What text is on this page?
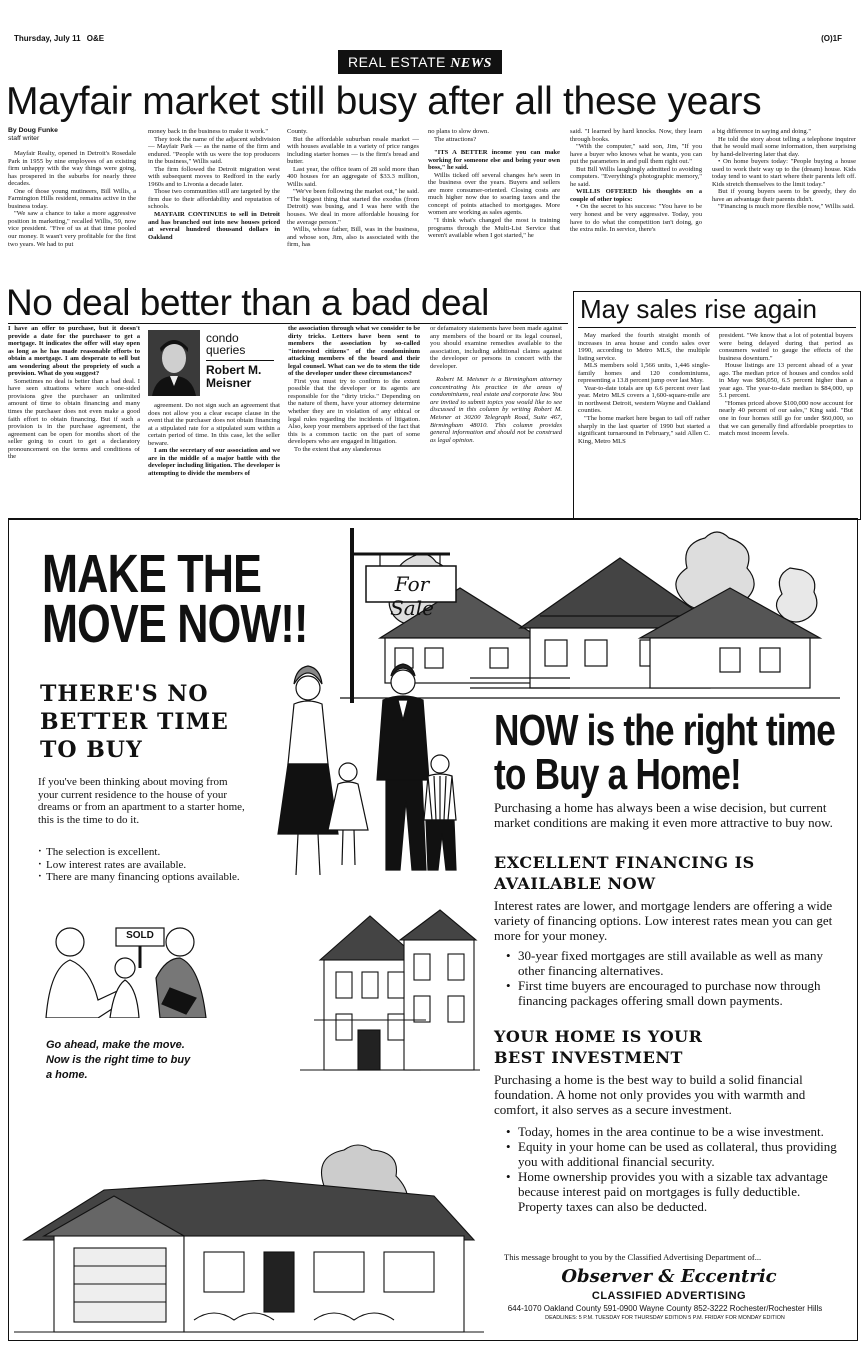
Thursday, July 11 O&E	(O)1F
REAL ESTATE NEWS
Mayfair market still busy after all these years
By Doug Funke
staff writer

Mayfair Realty, opened in Detroit's Rosedale Park in 1955 by nine employees of an existing firm unhappy with the way things were going, has prospered in the suburbs for nearly three decades.

One of those young mutineers, Bill Willis, a Farmington Hills resident, remains active in the business today.

"We saw a chance to take a more aggressive position in marketing," recalled Willis, 59, now vice president. "Five of us at that time pooled our money. It wasn't very profitable for the first two years. We had to put

money back in the business to make it work."

They took the name of the adjacent subdivision — Mayfair Park — as the name of the firm and endured. "People with us were the top producers in the business," Willis said.

The firm followed the Detroit migration west with subsequent moves to Redford in the early 1960s and to Livonia a decade later.

Those two communities still are targeted by the firm due to their affordability and reputation of schools.

MAYFAIR CONTINUES to sell in Detroit and has branched out into new houses priced at several hundred thousand dollars in Oakland

County.

But the affordable suburban resale market — with houses available in a variety of price ranges including starter homes — is the firm's bread and butter.

Last year, the office team of 28 sold more than 400 houses for an aggregate of $33.3 million, Willis said.

"We've been following the market out," he said. "The biggest thing that started the exodus (from Detroit) was busing, and I was here with the houses. We deal in more affordable housing for the average person."

Willis, whose father, Bill, was in the business, and whose son, Jim, also is associated with the firm, has

no plans to slow down.

The attractions?

"ITS A BETTER income you can make working for someone else and being your own boss," he said.

Willis ticked off several changes he's seen in the business over the years. Buyers and sellers are more consumer-oriented. Closing costs are much higher now due to soaring taxes and the concept of points attached to mortgages. More women are working as sales agents.

"I think what's changed the most is training programs through the Multi-List Service that weren't available when I got started," he

said. "I learned by hard knocks. Now, they learn through books.

"With the computer," said son, Jim, "If you have a buyer who knows what he wants, you can put the parameters in and pull them right out."

But Bill Willis laughingly admitted to avoiding computers. "Everything's photographic memory," he said.

WILLIS OFFERED his thoughts on a couple of other topics:

• On the secret to his success: "You have to be very honest and be very aggressive. Today, you have to do what the competition isn't doing, go the extra mile. In service, there's

a big difference in saying and doing."

He told the story about telling a telephone inquirer that he would mail some information, then surprising by hand-delivering later that day.

• On home buyers today: "People buying a house used to work their way up to the (dream) house. Kids today tend to want to start where their parents left off. Kids stretch themselves to the limit today."

But if young buyers seem to be greedy, they do have an advantage their parents didn't.

"Financing is much more flexible now," Willis said.

No deal better than a bad deal

I have an offer to purchase, but it doesn't provide a date for the purchaser to get a mortgage. It indicates the offer will stay open as long as he has made reasonable efforts to obtain a mortgage. I am desperate to sell but am wondering about the propriety of such a provision. What do you suggest?

Sometimes no deal is better than a bad deal. I have seen situations where such one-sided provisions give the purchaser an unlimited amount of time to obtain financing and many times the purchaser does not even make a good faith effort to obtain financing. But if such a provision is in the purchase agreement, the agreement can be open for months short of the seller going to court to get a declaratory pronouncement on the terms and conditions of the

condo
queries
Robert M.
Meisner

agreement. Do not sign such an agreement that does not allow you a clear escape clause in the event that the purchaser does not obtain financing at a stipulated rate for a stipulated sum within a certain period of time. In this case, let the seller beware.

I am the secretary of our association and we are in the middle of a major battle with the developer including litigation. The developer is attempting to divide the members of

the association through what we consider to be dirty tricks. Letters have been sent to members the association by so-called "interested citizens" of the condominium attacking members of the board and their legal counsel. What can we do to stem the tide of the developer under these circumstances?

First you must try to confirm to the extent possible that the developer or its agents are responsible for the "dirty tricks." Depending on the nature of them, have your attorney determine whether they are in violation of any ethical or legal rules regarding the incidents of litigation. Also, keep your members apprised of the fact that this is a common tactic on the part of some developers who are engaged in litigation.

To the extent that any slanderous

or defamatory statements have been made against any members of the board or its legal counsel, you should examine remedies available to the association, including additional claims against the developer or persons in concert with the developer.

Robert M. Meisner is a Birmingham attorney concentrating his practice in the areas of condominiums, real estate and corporate law. You are invited to submit topics you would like to see discussed in this column by writing Robert M. Meisner at 30200 Telegraph Road, Suite 467, Birmingham 48010. This column provides general information and should not be construed as legal opinion.

May sales rise again

May marked the fourth straight month of increases in area house and condo sales over 1990, according to Metro MLS, the multiple listing service.

MLS members sold 1,566 units, 1,446 single-family homes and 120 condominiums, representing a 13.8 percent jump over last May.

Year-to-date totals are up 6.6 percent over last year. Metro MLS covers a 1,600-square-mile are in northwest Detroit, western Wayne and Oakland counties.

"The home market here began to tail off rather sharply in the last quarter of 1990 but started a significant turnaround in February," said Allen C. King, Metro MLS

president. "We know that a lot of potential buyers were being delayed during that period as consumers waited to gauge the effects of the business downturn."

House listings are 13 percent ahead of a year ago. The median price of houses and condos sold in May was $86,050, 6.5 percent higher than a year ago. The year-to-date median is $84,000, up 5.1 percent.

"Homes priced above $100,000 now account for nearly 40 percent of our sales," King said. "But one in four homes still go for under $60,000, so that we can generally find affordable proeprties to match most inceem levels.

MAKE THE
MOVE NOW!!
For Sale
THERE'S NO
BETTER TIME
TO BUY
If you've been thinking about moving from your current residence to the house of your dreams or from an apartment to a starter home, this is the time to do it.
· The selection is excellent.
· Low interest rates are available.
· There are many financing options available.
SOLD
Go ahead, make the move.
Now is the right time to buy
a home.
NOW is the right time
to Buy a Home!
Purchasing a home has always been a wise decision, but current market conditions are making it even more attractive to buy now.
EXCELLENT FINANCING IS
AVAILABLE NOW
Interest rates are lower, and mortgage lenders are offering a wide variety of financing options. Low interest rates mean you can get more for your money.
• 30-year fixed mortgages are still available as well as many other financing alternatives.
• First time buyers are encouraged to purchase now through financing packages offering small down payments.
YOUR HOME IS YOUR
BEST INVESTMENT
Purchasing a home is the best way to build a solid financial foundation. A home not only provides you with warmth and comfort, it also serves as a secure investment.
• Today, homes in the area continue to be a wise investment.
• Equity in your home can be used as collateral, thus providing you with additional financial security.
• Home ownership provides you with a sizable tax advantage because interest paid on mortgages is fully deductible. Property taxes can also be deducted.
This message brought to you by the Classified Advertising Department of...
Observer & Eccentric
CLASSIFIED ADVERTISING
644-1070 Oakland County 591-0900 Wayne County 852-3222 Rochester/Rochester Hills
DEADLINES: 5 P.M. TUESDAY FOR THURSDAY EDITION 5 P.M. FRIDAY FOR MONDAY EDITION
